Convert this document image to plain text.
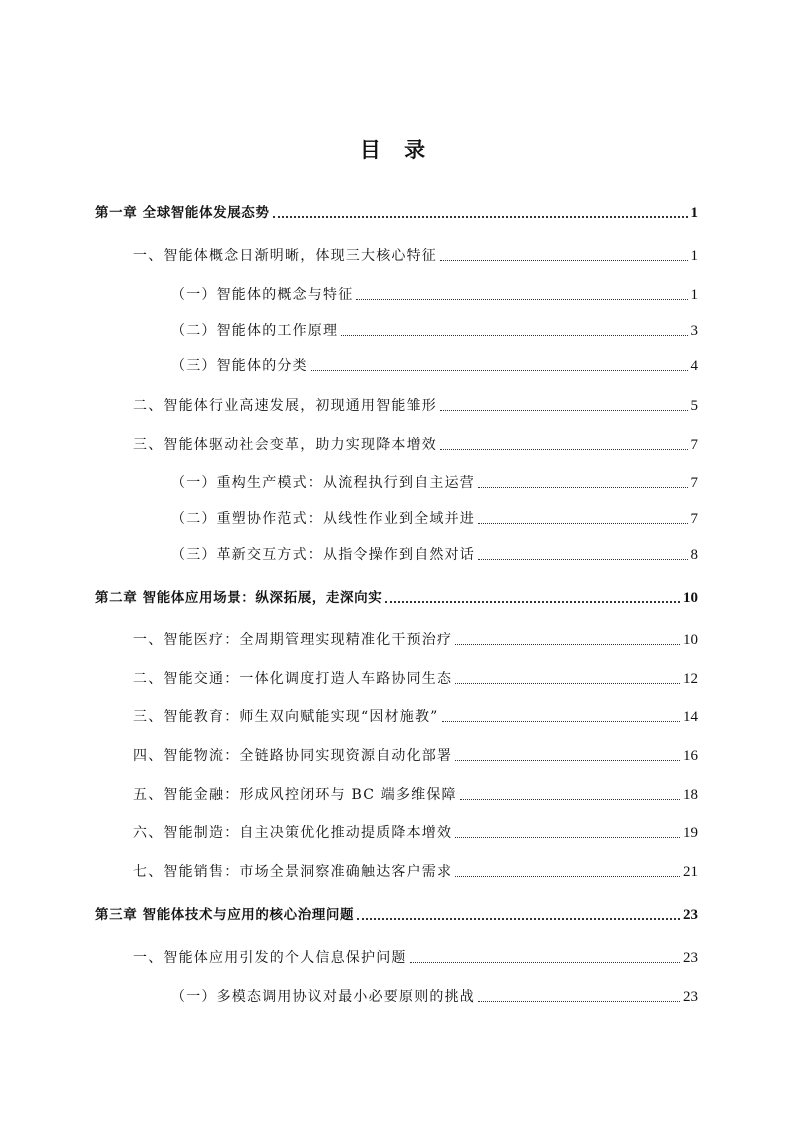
目 录
第一章 全球智能体发展态势	1
一、智能体概念日渐明晰，体现三大核心特征	1
（一）智能体的概念与特征	1
（二）智能体的工作原理	3
（三）智能体的分类	4
二、智能体行业高速发展，初现通用智能雏形	5
三、智能体驱动社会变革，助力实现降本增效	7
（一）重构生产模式：从流程执行到自主运营	7
（二）重塑协作范式：从线性作业到全域并进	7
（三）革新交互方式：从指令操作到自然对话	8
第二章 智能体应用场景：纵深拓展，走深向实	10
一、智能医疗：全周期管理实现精准化干预治疗	10
二、智能交通：一体化调度打造人车路协同生态	12
三、智能教育：师生双向赋能实现“因材施教”	14
四、智能物流：全链路协同实现资源自动化部署	16
五、智能金融：形成风控闭环与 BC 端多维保障	18
六、智能制造：自主决策优化推动提质降本增效	19
七、智能销售：市场全景洞察准确触达客户需求	21
第三章 智能体技术与应用的核心治理问题	23
一、智能体应用引发的个人信息保护问题	23
（一）多模态调用协议对最小必要原则的挑战	23
